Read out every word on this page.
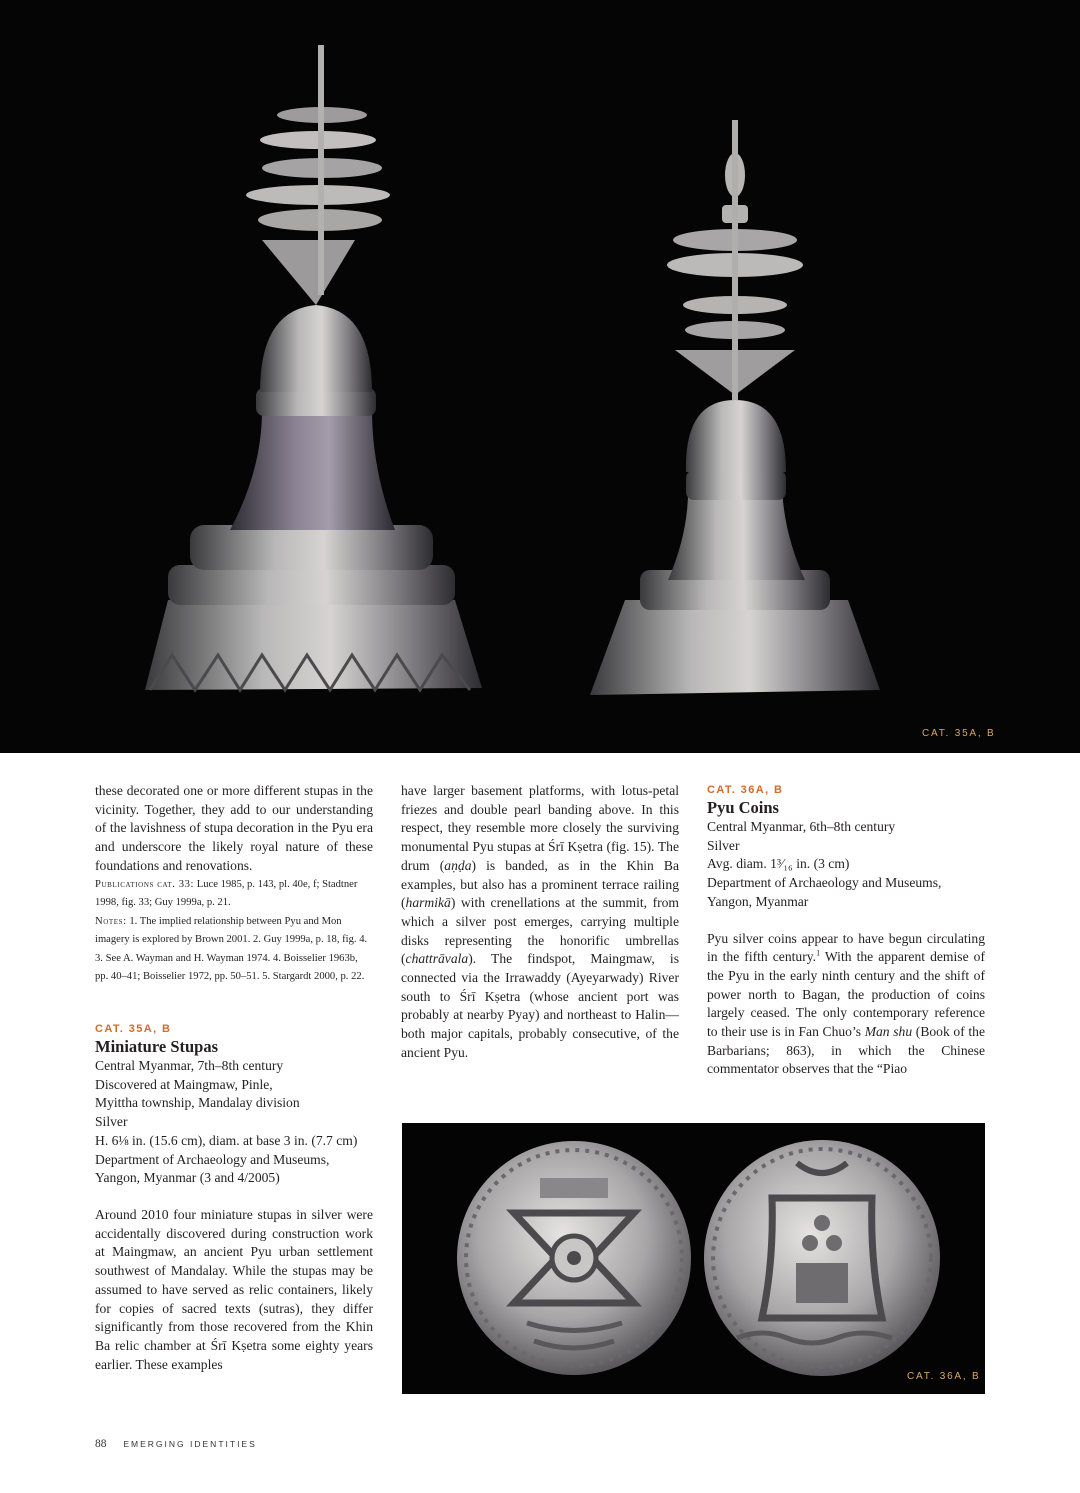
CAT. 35A, B

these decorated one or more different stupas in the vicinity. Together, they add to our understanding of the lavishness of stupa decoration in the Pyu era and underscore the likely royal nature of these foundations and renovations.

Publications cat. 33: Luce 1985, p. 143, pl. 40e, f; Stadtner 1998, fig. 33; Guy 1999a, p. 21.

Notes: 1. The implied relationship between Pyu and Mon imagery is explored by Brown 2001. 2. Guy 1999a, p. 18, fig. 4. 3. See A. Wayman and H. Wayman 1974. 4. Boisselier 1963b, pp. 40–41; Boisselier 1972, pp. 50–51. 5. Stargardt 2000, p. 22.

CAT. 35A, B

Miniature Stupas

Central Myanmar, 7th–8th century
Discovered at Maingmaw, Pinle,
Myittha township, Mandalay division
Silver
H. 6⅛ in. (15.6 cm), diam. at base 3 in. (7.7 cm)
Department of Archaeology and Museums,
Yangon, Myanmar (3 and 4/2005)

Around 2010 four miniature stupas in silver were accidentally discovered during construction work at Maingmaw, an ancient Pyu urban settlement southwest of Mandalay. While the stupas may be assumed to have served as relic containers, likely for copies of sacred texts (sutras), they differ significantly from those recovered from the Khin Ba relic chamber at Śrī Kṣetra some eighty years earlier. These examples

have larger basement platforms, with lotus-petal friezes and double pearl banding above. In this respect, they resemble more closely the surviving monumental Pyu stupas at Śrī Kṣetra (fig. 15). The drum (aṇḍa) is banded, as in the Khin Ba examples, but also has a prominent terrace railing (harmikā) with crenellations at the summit, from which a silver post emerges, carrying multiple disks representing the honorific umbrellas (chattrāvala). The findspot, Maingmaw, is connected via the Irrawaddy (Ayeyarwady) River south to Śrī Kṣetra (whose ancient port was probably at nearby Pyay) and northeast to Halin—both major capitals, probably consecutive, of the ancient Pyu.

CAT. 36A, B

Pyu Coins

Central Myanmar, 6th–8th century
Silver
Avg. diam. 1³⁄₁₆ in. (3 cm)
Department of Archaeology and Museums,
Yangon, Myanmar

Pyu silver coins appear to have begun circulating in the fifth century.$^1$ With the apparent demise of the Pyu in the early ninth century and the shift of power north to Bagan, the production of coins largely ceased. The only contemporary reference to their use is in Fan Chuo’s Man shu (Book of the Barbarians; 863), in which the Chinese commentator observes that the “Piao

CAT. 36A, B
88 EMERGING IDENTITIES
